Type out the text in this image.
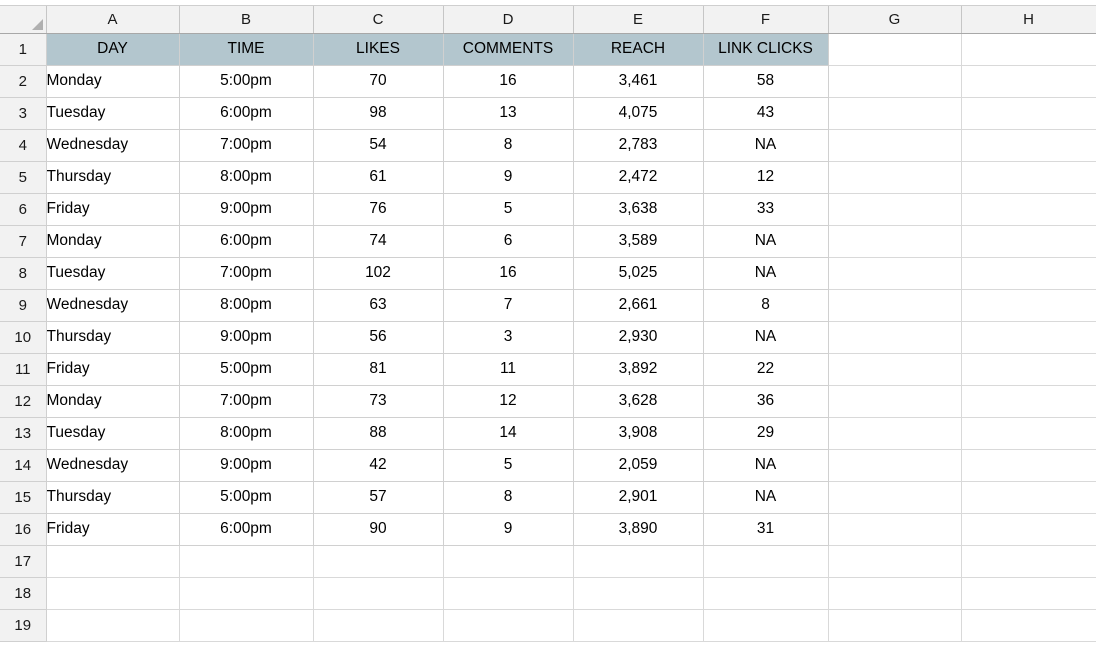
	A	B	C	D	E	F	G	H
1	DAY	TIME	LIKES	COMMENTS	REACH	LINK CLICKS		
2	Monday	5:00pm	70	16	3,461	58		
3	Tuesday	6:00pm	98	13	4,075	43		
4	Wednesday	7:00pm	54	8	2,783	NA		
5	Thursday	8:00pm	61	9	2,472	12		
6	Friday	9:00pm	76	5	3,638	33		
7	Monday	6:00pm	74	6	3,589	NA		
8	Tuesday	7:00pm	102	16	5,025	NA		
9	Wednesday	8:00pm	63	7	2,661	8		
10	Thursday	9:00pm	56	3	2,930	NA		
11	Friday	5:00pm	81	11	3,892	22		
12	Monday	7:00pm	73	12	3,628	36		
13	Tuesday	8:00pm	88	14	3,908	29		
14	Wednesday	9:00pm	42	5	2,059	NA		
15	Thursday	5:00pm	57	8	2,901	NA		
16	Friday	6:00pm	90	9	3,890	31		
17								
18								
19								
